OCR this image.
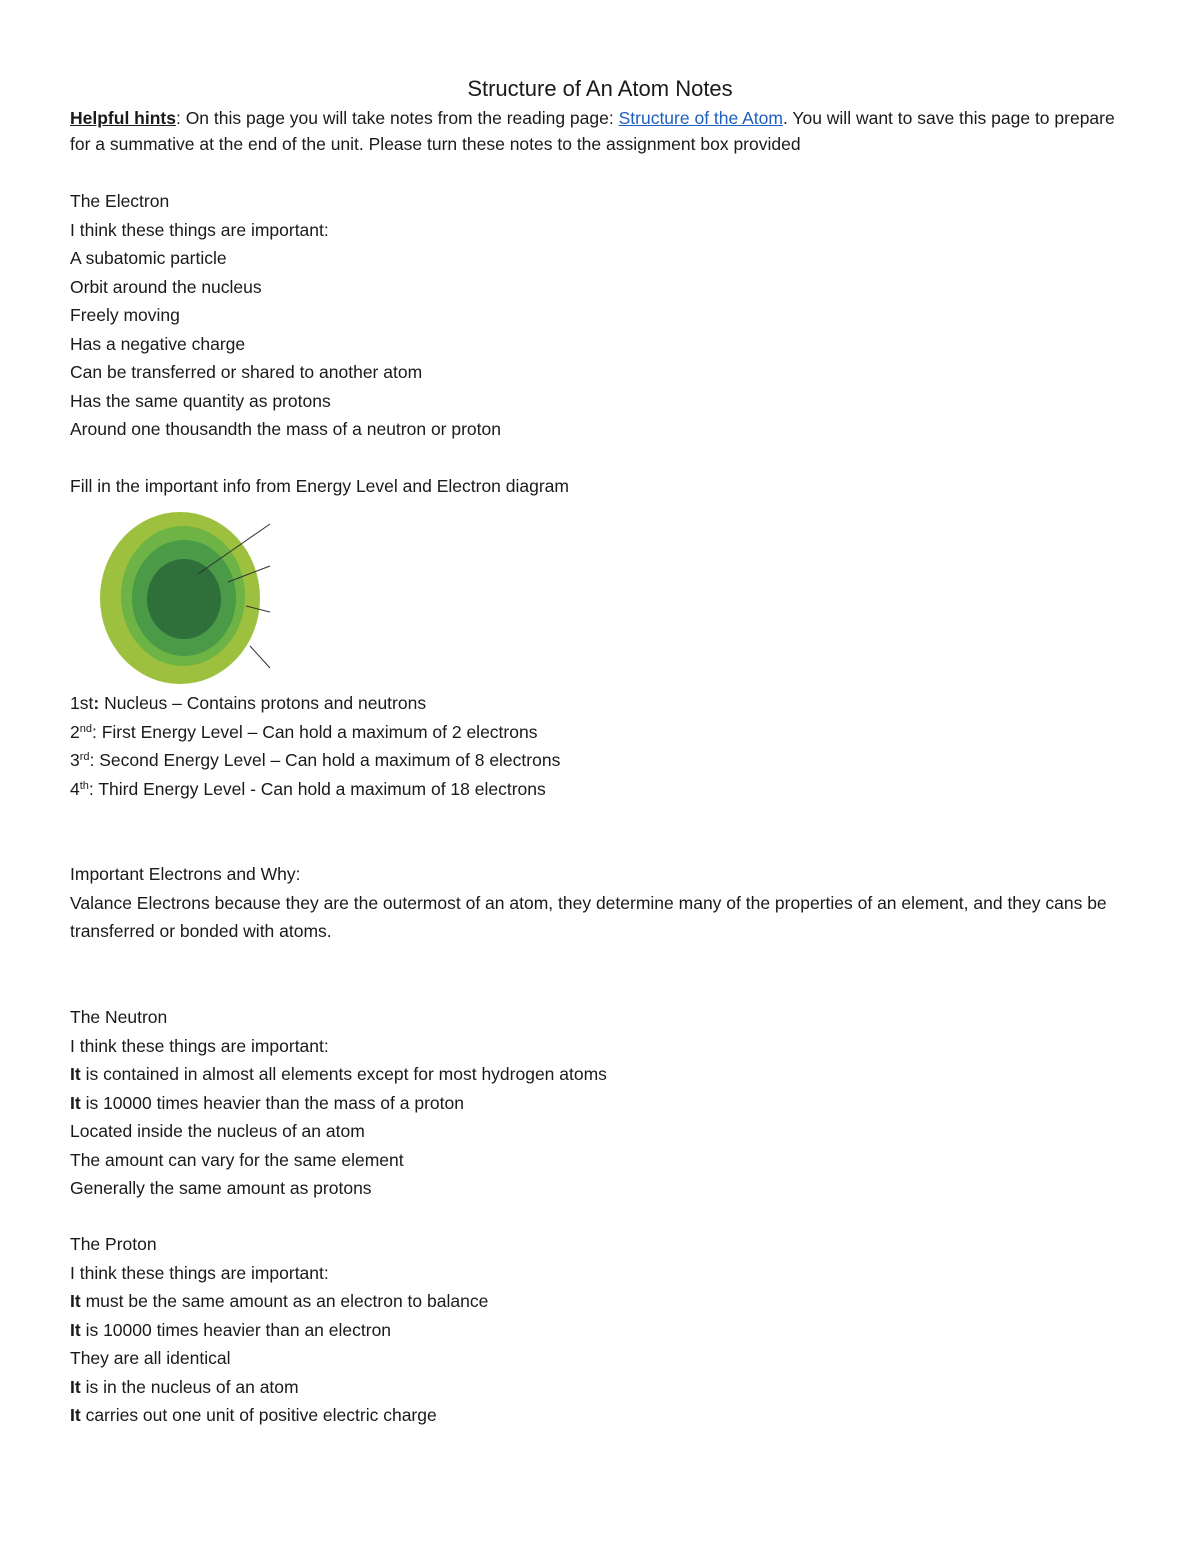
Structure of An Atom Notes
Helpful hints: On this page you will take notes from the reading page: Structure of the Atom. You will want to save this page to prepare for a summative at the end of the unit. Please turn these notes to the assignment box provided
The Electron
I think these things are important:
A subatomic particle
Orbit around the nucleus
Freely moving
Has a negative charge
Can be transferred or shared to another atom
Has the same quantity as protons
Around one thousandth the mass of a neutron or proton
Fill in the important info from Energy Level and Electron diagram
1st: Nucleus – Contains protons and neutrons
2nd: First Energy Level – Can hold a maximum of 2 electrons
3rd: Second Energy Level – Can hold a maximum of 8 electrons
4th: Third Energy Level - Can hold a maximum of 18 electrons
Important Electrons and Why:
Valance Electrons because they are the outermost of an atom, they determine many of the properties of an element, and they cans be transferred or bonded with atoms.
The Neutron
I think these things are important:
It is contained in almost all elements except for most hydrogen atoms
It is 10000 times heavier than the mass of a proton
Located inside the nucleus of an atom
The amount can vary for the same element
Generally the same amount as protons
The Proton
I think these things are important:
It must be the same amount as an electron to balance
It is 10000 times heavier than an electron
They are all identical
It is in the nucleus of an atom
It carries out one unit of positive electric charge
